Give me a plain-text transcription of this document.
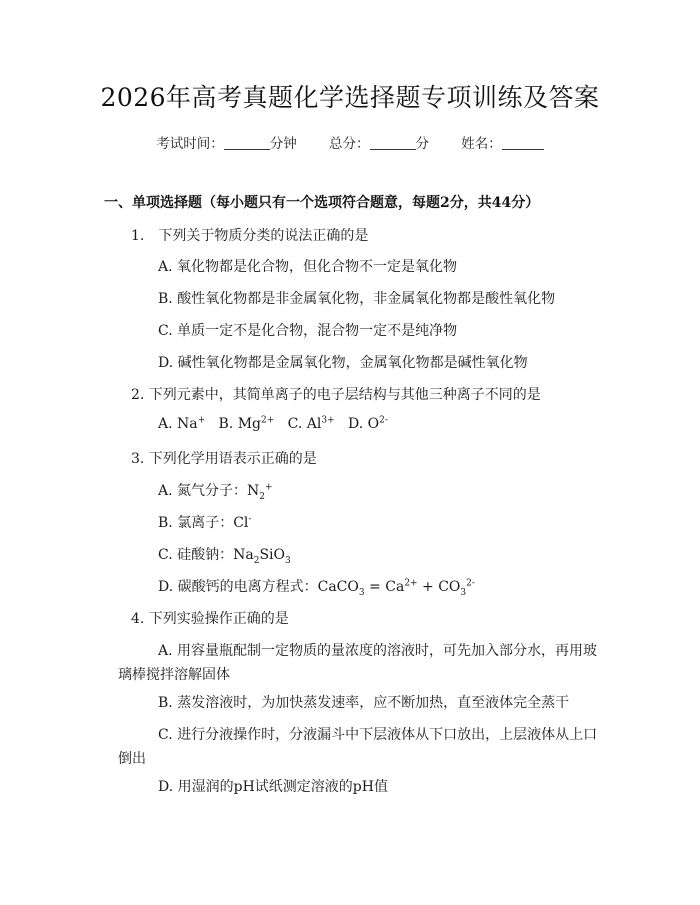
2026年高考真题化学选择题专项训练及答案
考试时间：	分钟 总分：	分 姓名：
一、单项选择题（每小题只有一个选项符合题意，每题2分，共44分）
1.　下列关于物质分类的说法正确的是
A. 氧化物都是化合物，但化合物不一定是氧化物
B. 酸性氧化物都是非金属氧化物，非金属氧化物都是酸性氧化物
C. 单质一定不是化合物，混合物一定不是纯净物
D. 碱性氧化物都是金属氧化物，金属氧化物都是碱性氧化物
2. 下列元素中，其简单离子的电子层结构与其他三种离子不同的是
A. Na+ B. $Mg^{2+}$ C. $Al^{3+}$ D. $O^{2-}$
3. 下列化学用语表示正确的是
A. 氮气分子：$N_2^+$
B. 氯离子：Cl-
C. 硅酸钠：$Na_2SiO_3$
D. 碳酸钙的电离方程式：CaCO$_3$ = $Ca^{2+} + CO_3^{2-}$
4. 下列实验操作正确的是
A. 用容量瓶配制一定物质的量浓度的溶液时，可先加入部分水，再用玻
璃棒搅拌溶解固体
B. 蒸发溶液时，为加快蒸发速率，应不断加热，直至液体完全蒸干
C. 进行分液操作时，分液漏斗中下层液体从下口放出，上层液体从上口
倒出
D. 用湿润的pH试纸测定溶液的pH值
